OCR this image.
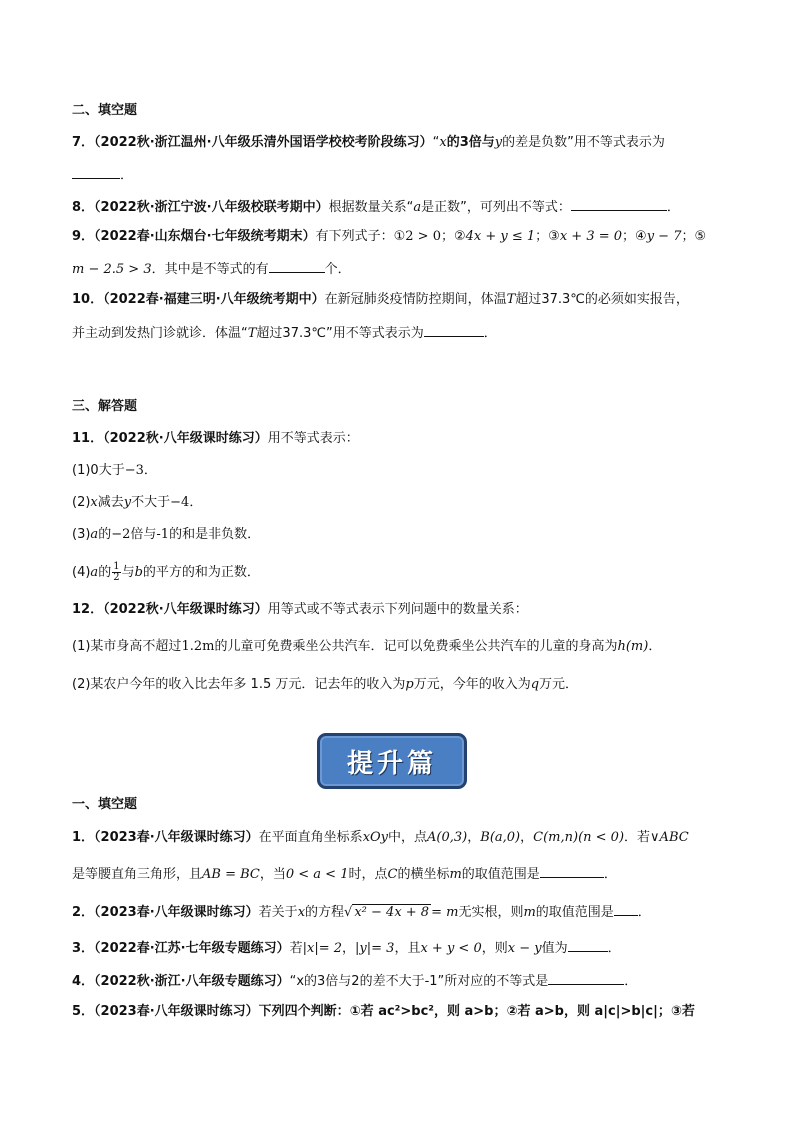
二、填空题
7．（2022秋·浙江温州·八年级乐清外国语学校校考阶段练习）“x的3倍与y的差是负数”用不等式表示为
．
8．（2022秋·浙江宁波·八年级校联考期中）根据数量关系“a是正数”，可列出不等式：	．
9．（2022春·山东烟台·七年级统考期末）有下列式子：①2 > 0；②4x + y ≤ 1；③x + 3 = 0；④y − 7；⑤
m − 2.5 > 3．其中是不等式的有	个．
10．（2022春·福建三明·八年级统考期中）在新冠肺炎疫情防控期间，体温T超过37.3℃的必须如实报告，
并主动到发热门诊就诊．体温“T超过37.3℃”用不等式表示为	．
三、解答题
11．（2022秋·八年级课时练习）用不等式表示：
(1)0大于−3．
(2)x减去y不大于−4．
(3)a的−2倍与-1的和是非负数．
(4)a的 $\frac{1}{2}$ 与b的平方的和为正数．
12．（2022秋·八年级课时练习）用等式或不等式表示下列问题中的数量关系：
(1)某市身高不超过1.2m的儿童可免费乘坐公共汽车．记可以免费乘坐公共汽车的儿童的身高为h(m)．
(2)某农户今年的收入比去年多 1.5 万元．记去年的收入为p万元，今年的收入为q万元．
提升篇
一、填空题
1．（2023春·八年级课时练习）在平面直角坐标系xOy中，点A(0,3)，B(a,0)，C(m,n)(n < 0)．若∨ABC
是等腰直角三角形，且AB = BC，当0 < a < 1时，点C的横坐标m的取值范围是	．
2．（2023春·八年级课时练习）若关于x的方程√ x² − 4x + 8 = m无实根，则m的取值范围是 ．
3．（2022春·江苏·七年级专题练习）若|x|= 2，|y|= 3，且x + y < 0，则x − y值为	．
4．（2022秋·浙江·八年级专题练习）“x的3倍与2的差不大于-1”所对应的不等式是	．
5．（2023春·八年级课时练习）下列四个判断：①若 ac²>bc²，则 a>b；②若 a>b，则 a|c|>b|c|；③若
